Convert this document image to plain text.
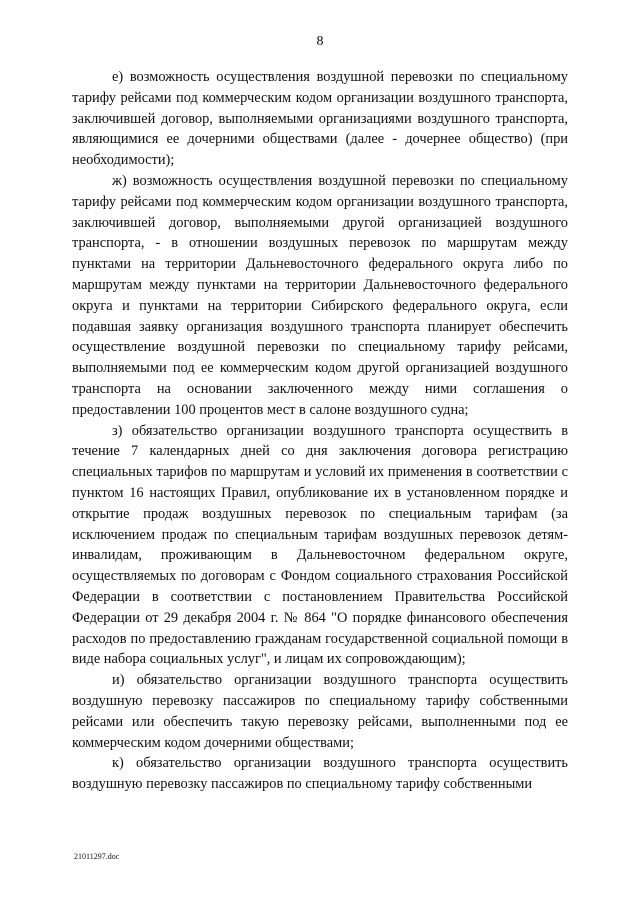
8

е) возможность осуществления воздушной перевозки по специальному тарифу рейсами под коммерческим кодом организации воздушного транспорта, заключившей договор, выполняемыми организациями воздушного транспорта, являющимися ее дочерними обществами (далее - дочернее общество) (при необходимости);

ж) возможность осуществления воздушной перевозки по специальному тарифу рейсами под коммерческим кодом организации воздушного транспорта, заключившей договор, выполняемыми другой организацией воздушного транспорта, - в отношении воздушных перевозок по маршрутам между пунктами на территории Дальневосточного федерального округа либо по маршрутам между пунктами на территории Дальневосточного федерального округа и пунктами на территории Сибирского федерального округа, если подавшая заявку организация воздушного транспорта планирует обеспечить осуществление воздушной перевозки по специальному тарифу рейсами, выполняемыми под ее коммерческим кодом другой организацией воздушного транспорта на основании заключенного между ними соглашения о предоставлении 100 процентов мест в салоне воздушного судна;

з) обязательство организации воздушного транспорта осуществить в течение 7 календарных дней со дня заключения договора регистрацию специальных тарифов по маршрутам и условий их применения в соответствии с пунктом 16 настоящих Правил, опубликование их в установленном порядке и открытие продаж воздушных перевозок по специальным тарифам (за исключением продаж по специальным тарифам воздушных перевозок детям-инвалидам, проживающим в Дальневосточном федеральном округе, осуществляемых по договорам с Фондом социального страхования Российской Федерации в соответствии с постановлением Правительства Российской Федерации от 29 декабря 2004 г. № 864 "О порядке финансового обеспечения расходов по предоставлению гражданам государственной социальной помощи в виде набора социальных услуг", и лицам их сопровождающим);

и) обязательство организации воздушного транспорта осуществить воздушную перевозку пассажиров по специальному тарифу собственными рейсами или обеспечить такую перевозку рейсами, выполненными под ее коммерческим кодом дочерними обществами;

к) обязательство организации воздушного транспорта осуществить воздушную перевозку пассажиров по специальному тарифу собственными

21011297.doc
